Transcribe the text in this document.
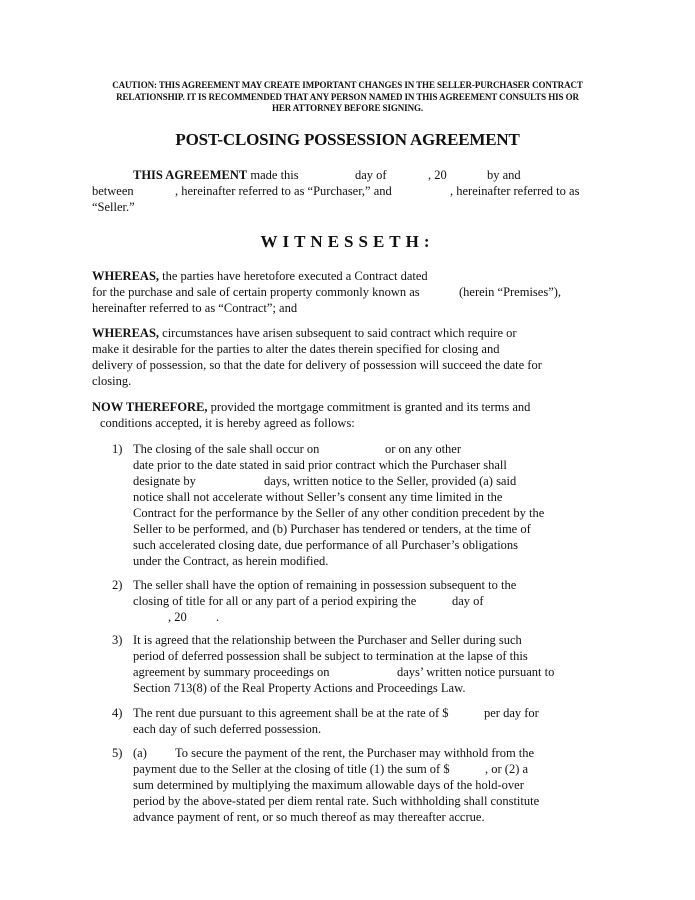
CAUTION: THIS AGREEMENT MAY CREATE IMPORTANT CHANGES IN THE SELLER-PURCHASER CONTRACT
RELATIONSHIP. IT IS RECOMMENDED THAT ANY PERSON NAMED IN THIS AGREEMENT CONSULTS HIS OR
HER ATTORNEY BEFORE SIGNING.
POST-CLOSING POSSESSION AGREEMENT
THIS AGREEMENT made this	day of	, 20	by and
between	, hereinafter referred to as “Purchaser,” and	, hereinafter referred to as
“Seller.”
WITNESSETH:
WHEREAS, the parties have heretofore executed a Contract dated
for the purchase and sale of certain property commonly known as	(herein “Premises”),
hereinafter referred to as “Contract”; and
WHEREAS, circumstances have arisen subsequent to said contract which require or
make it desirable for the parties to alter the dates therein specified for closing and
delivery of possession, so that the date for delivery of possession will succeed the date for
closing.
NOW THEREFORE, provided the mortgage commitment is granted and its terms and
conditions accepted, it is hereby agreed as follows:
1) The closing of the sale shall occur on	or on any other
date prior to the date stated in said prior contract which the Purchaser shall
designate by	days, written notice to the Seller, provided (a) said
notice shall not accelerate without Seller’s consent any time limited in the
Contract for the performance by the Seller of any other condition precedent by the
Seller to be performed, and (b) Purchaser has tendered or tenders, at the time of
such accelerated closing date, due performance of all Purchaser’s obligations
under the Contract, as herein modified.
2) The seller shall have the option of remaining in possession subsequent to the
closing of title for all or any part of a period expiring the	day of
, 20 .
3) It is agreed that the relationship between the Purchaser and Seller during such
period of deferred possession shall be subject to termination at the lapse of this
agreement by summary proceedings on	days’ written notice pursuant to
Section 713(8) of the Real Property Actions and Proceedings Law.
4) The rent due pursuant to this agreement shall be at the rate of $	per day for
each day of such deferred possession.
5) (a) To secure the payment of the rent, the Purchaser may withhold from the
payment due to the Seller at the closing of title (1) the sum of $	, or (2) a
sum determined by multiplying the maximum allowable days of the hold-over
period by the above-stated per diem rental rate. Such withholding shall constitute
advance payment of rent, or so much thereof as may thereafter accrue.
